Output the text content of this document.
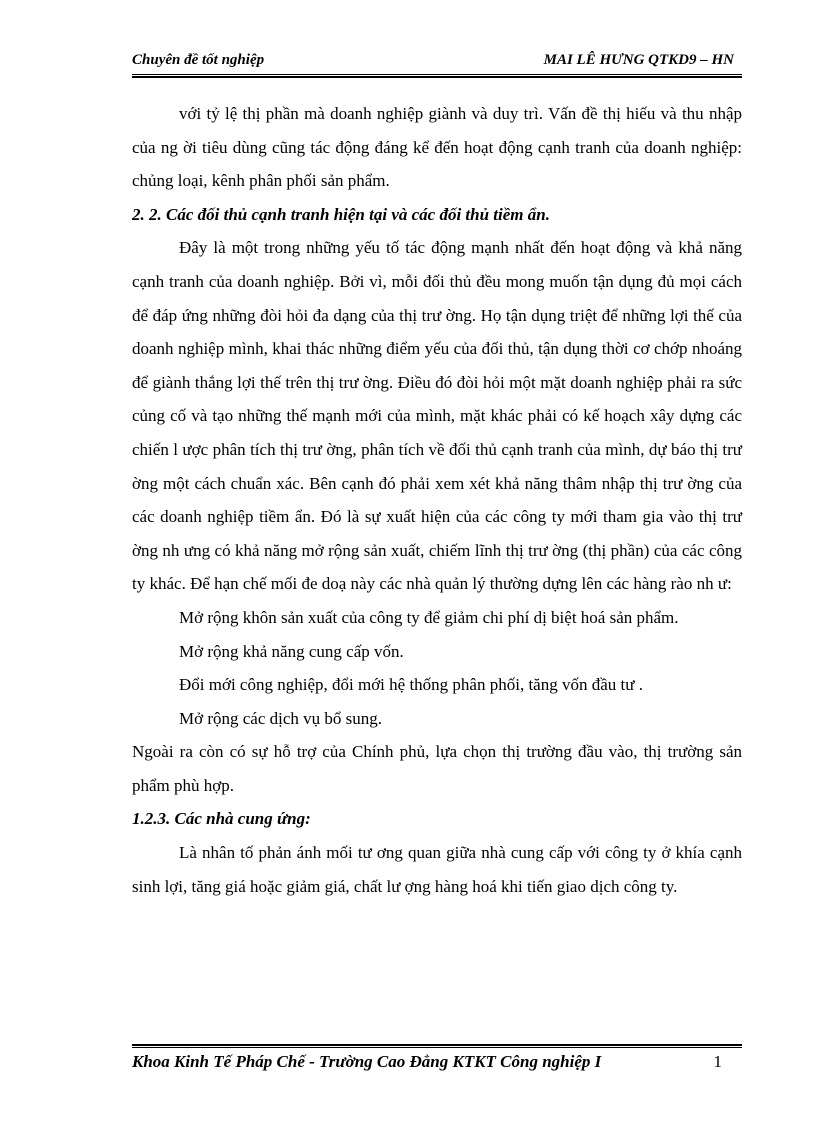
Chuyên đề tốt nghiệp	MAI LÊ HƯNG QTKD9 – HN

với tỷ lệ thị phần mà doanh nghiệp giành và duy trì. Vấn đề thị hiếu và thu nhập của ng ời tiêu dùng cũng tác động đáng kể đến hoạt động cạnh tranh của doanh nghiệp: chủng loại, kênh phân phối sản phẩm.

2. 2. Các đối thủ cạnh tranh hiện tại và các đối thủ tiềm ẩn.

Đây là một trong những yếu tố tác động mạnh nhất đến hoạt động và khả năng cạnh tranh của doanh nghiệp. Bởi vì, mỗi đối thủ đều mong muốn tận dụng đủ mọi cách để đáp ứng những đòi hỏi đa dạng của thị trư ờng. Họ tận dụng triệt để những lợi thế của doanh nghiệp mình, khai thác những điểm yếu của đối thủ, tận dụng thời cơ chớp nhoáng để giành thắng lợi thế trên thị trư ờng. Điều đó đòi hỏi một mặt doanh nghiệp phải ra sức củng cố và tạo những thế mạnh mới của mình, mặt khác phải có kế hoạch xây dựng các chiến l ược phân tích thị trư ờng, phân tích về đối thủ cạnh tranh của mình, dự báo thị trư ờng một cách chuẩn xác. Bên cạnh đó phải xem xét khả năng thâm nhập thị trư ờng của các doanh nghiệp tiềm ẩn. Đó là sự xuất hiện của các công ty mới tham gia vào thị trư ờng nh ưng có khả năng mở rộng sản xuất, chiếm lĩnh thị trư ờng (thị phần) của các công ty khác. Để hạn chế mối đe doạ này các nhà quản lý thường dựng lên các hàng rào nh ư:

Mở rộng khôn sản xuất của công ty để giảm chi phí dị biệt hoá sản phẩm.

Mở rộng khả năng cung cấp vốn.

Đổi mới công nghiệp, đổi mới hệ thống phân phối, tăng vốn đầu tư .

Mở rộng các dịch vụ bổ sung.

Ngoài ra còn có sự hỗ trợ của Chính phủ, lựa chọn thị trường đầu vào, thị trường sản phẩm phù hợp.

1.2.3. Các nhà cung ứng:

Là nhân tố phản ánh mối tư ơng quan giữa nhà cung cấp với công ty ở khía cạnh sinh lợi, tăng giá hoặc giảm giá, chất lư ợng hàng hoá khi tiến giao dịch công ty.

Khoa Kinh Tế Pháp Chế - Trường Cao Đẳng KTKT Công nghiệp I	1
